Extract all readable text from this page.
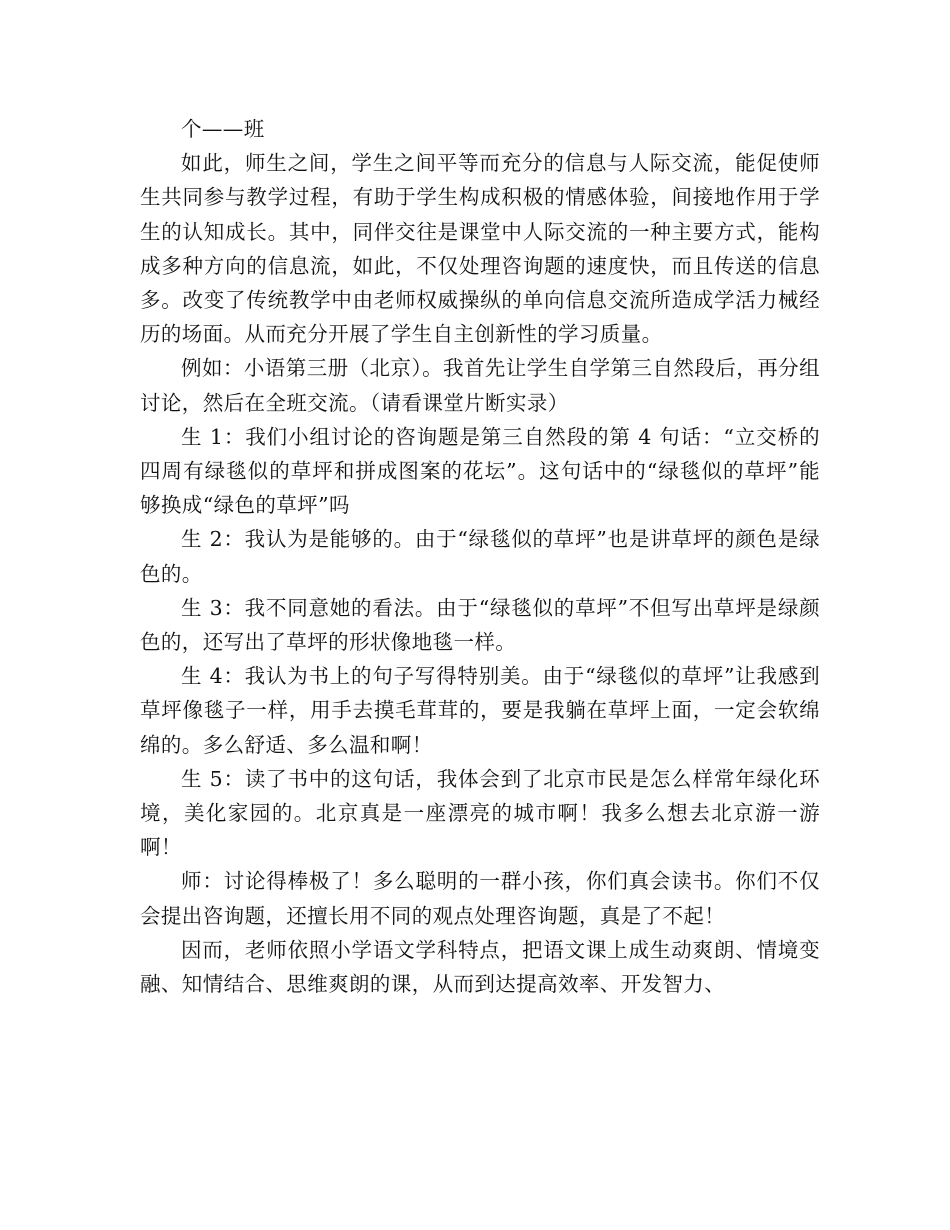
个——班

如此，师生之间，学生之间平等而充分的信息与人际交流，能促使师生共同参与教学过程，有助于学生构成积极的情感体验，间接地作用于学生的认知成长。其中，同伴交往是课堂中人际交流的一种主要方式，能构成多种方向的信息流，如此，不仅处理咨询题的速度快，而且传送的信息多。改变了传统教学中由老师权威操纵的单向信息交流所造成学活力械经历的场面。从而充分开展了学生自主创新性的学习质量。

例如：小语第三册（北京）。我首先让学生自学第三自然段后，再分组讨论，然后在全班交流。（请看课堂片断实录）

生 1：我们小组讨论的咨询题是第三自然段的第 4 句话：“立交桥的四周有绿毯似的草坪和拼成图案的花坛”。这句话中的“绿毯似的草坪”能够换成“绿色的草坪”吗

生 2：我认为是能够的。由于“绿毯似的草坪”也是讲草坪的颜色是绿色的。

生 3：我不同意她的看法。由于“绿毯似的草坪”不但写出草坪是绿颜色的，还写出了草坪的形状像地毯一样。

生 4：我认为书上的句子写得特别美。由于“绿毯似的草坪”让我感到草坪像毯子一样，用手去摸毛茸茸的，要是我躺在草坪上面，一定会软绵绵的。多么舒适、多么温和啊！

生 5：读了书中的这句话，我体会到了北京市民是怎么样常年绿化环境，美化家园的。北京真是一座漂亮的城市啊！我多么想去北京游一游啊！

师：讨论得棒极了！多么聪明的一群小孩，你们真会读书。你们不仅会提出咨询题，还擅长用不同的观点处理咨询题，真是了不起！

因而，老师依照小学语文学科特点，把语文课上成生动爽朗、情境变融、知情结合、思维爽朗的课，从而到达提高效率、开发智力、
